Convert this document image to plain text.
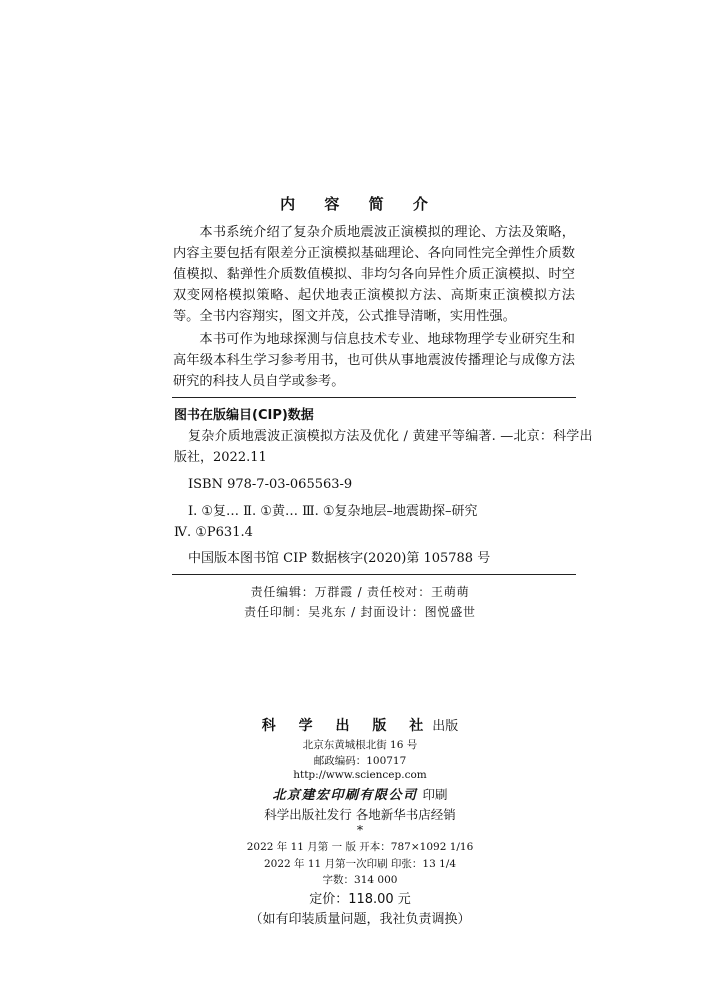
内 容 简 介

本书系统介绍了复杂介质地震波正演模拟的理论、方法及策略，内容主要包括有限差分正演模拟基础理论、各向同性完全弹性介质数值模拟、黏弹性介质数值模拟、非均匀各向异性介质正演模拟、时空双变网格模拟策略、起伏地表正演模拟方法、高斯束正演模拟方法等。全书内容翔实，图文并茂，公式推导清晰，实用性强。

本书可作为地球探测与信息技术专业、地球物理学专业研究生和高年级本科生学习参考用书，也可供从事地震波传播理论与成像方法研究的科技人员自学或参考。

图书在版编目(CIP)数据
复杂介质地震波正演模拟方法及优化 / 黄建平等编著. —北京：科学出
版社，2022.11
ISBN 978-7-03-065563-9
Ⅰ. ①复… Ⅱ. ①黄… Ⅲ. ①复杂地层–地震勘探–研究
Ⅳ. ①P631.4
中国版本图书馆 CIP 数据核字(2020)第 105788 号
责任编辑：万群霞 / 责任校对：王萌萌
责任印制：吴兆东 / 封面设计：图悦盛世
科 学 出 版 社出版
北京东黄城根北街 16 号
邮政编码：100717
http://www.sciencep.com
北京建宏印刷有限公司 印刷
科学出版社发行 各地新华书店经销
*
2022 年 11 月第 一 版 开本：787×1092 1/16
2022 年 11 月第一次印刷 印张：13 1/4
字数：314 000
定价：118.00 元
（如有印装质量问题，我社负责调换）
